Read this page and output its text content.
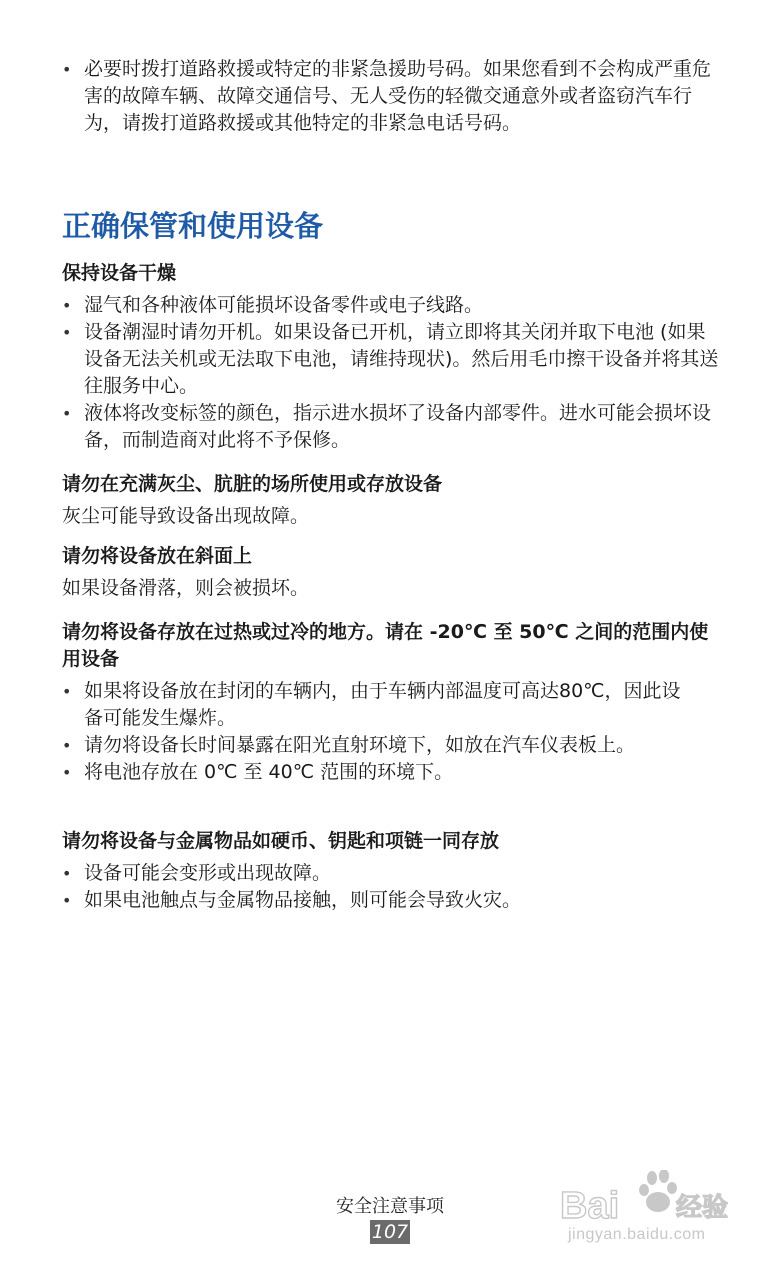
• 必要时拨打道路救援或特定的非紧急援助号码。如果您看到不会构成严重危害的故障车辆、故障交通信号、无人受伤的轻微交通意外或者盗窃汽车行为，请拨打道路救援或其他特定的非紧急电话号码。
正确保管和使用设备
保持设备干燥
• 湿气和各种液体可能损坏设备零件或电子线路。
• 设备潮湿时请勿开机。如果设备已开机，请立即将其关闭并取下电池 (如果设备无法关机或无法取下电池，请维持现状)。然后用毛巾擦干设备并将其送往服务中心。
• 液体将改变标签的颜色，指示进水损坏了设备内部零件。进水可能会损坏设备，而制造商对此将不予保修。
请勿在充满灰尘、肮脏的场所使用或存放设备

灰尘可能导致设备出现故障。

请勿将设备放在斜面上

如果设备滑落，则会被损坏。

请勿将设备存放在过热或过冷的地方。请在 -20℃ 至 50℃ 之间的范围内使用设备
• 如果将设备放在封闭的车辆内，由于车辆内部温度可高达80℃，因此设备可能发生爆炸。
• 请勿将设备长时间暴露在阳光直射环境下，如放在汽车仪表板上。
• 将电池存放在 0℃ 至 40℃ 范围的环境下。
请勿将设备与金属物品如硬币、钥匙和项链一同存放
• 设备可能会变形或出现故障。
• 如果电池触点与金属物品接触，则可能会导致火灾。
安全注意事项
107
Bai 经验
jingyan.baidu.com
